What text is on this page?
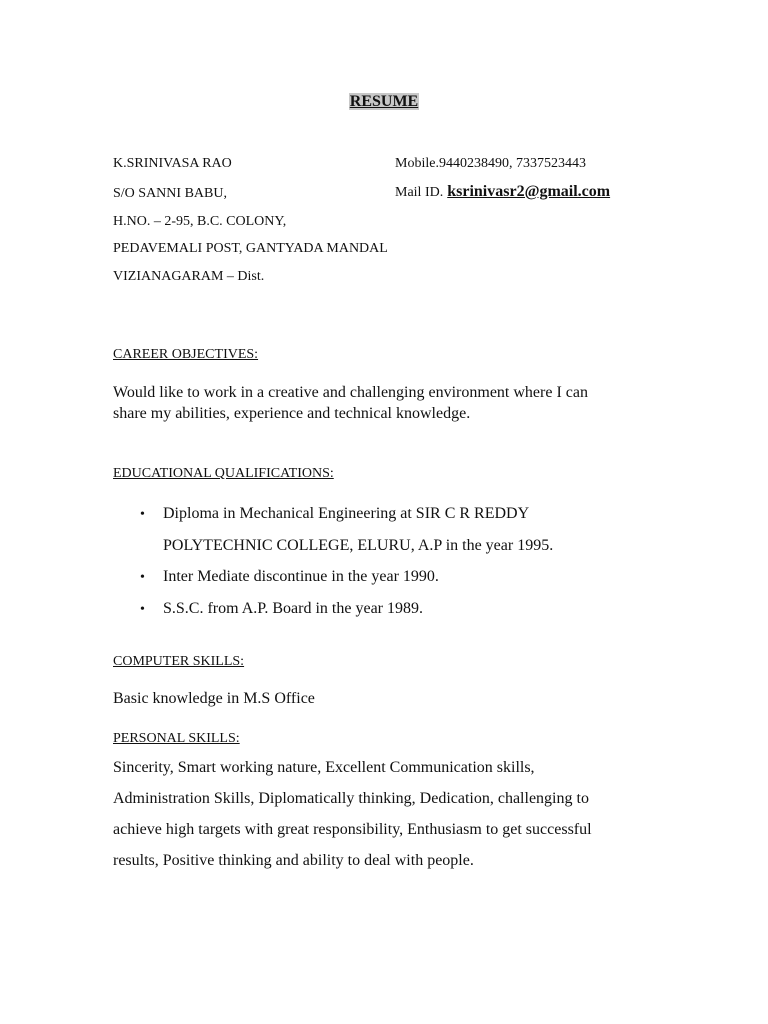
RESUME
K.SRINIVASA RAO
S/O SANNI BABU,
H.NO. – 2-95, B.C. COLONY,
PEDAVEMALI POST, GANTYADA MANDAL
VIZIANAGARAM – Dist.
Mobile.9440238490, 7337523443
Mail ID. ksrinivasr2@gmail.com
CAREER OBJECTIVES:
Would like to work in a creative and challenging environment where I can
share my abilities, experience and technical knowledge.
EDUCATIONAL QUALIFICATIONS:
• Diploma in Mechanical Engineering at SIR C R REDDY
POLYTECHNIC COLLEGE, ELURU, A.P in the year 1995.
• Inter Mediate discontinue in the year 1990.
• S.S.C. from A.P. Board in the year 1989.
COMPUTER SKILLS:
Basic knowledge in M.S Office
PERSONAL SKILLS:
Sincerity, Smart working nature, Excellent Communication skills,
Administration Skills, Diplomatically thinking, Dedication, challenging to
achieve high targets with great responsibility, Enthusiasm to get successful
results, Positive thinking and ability to deal with people.
